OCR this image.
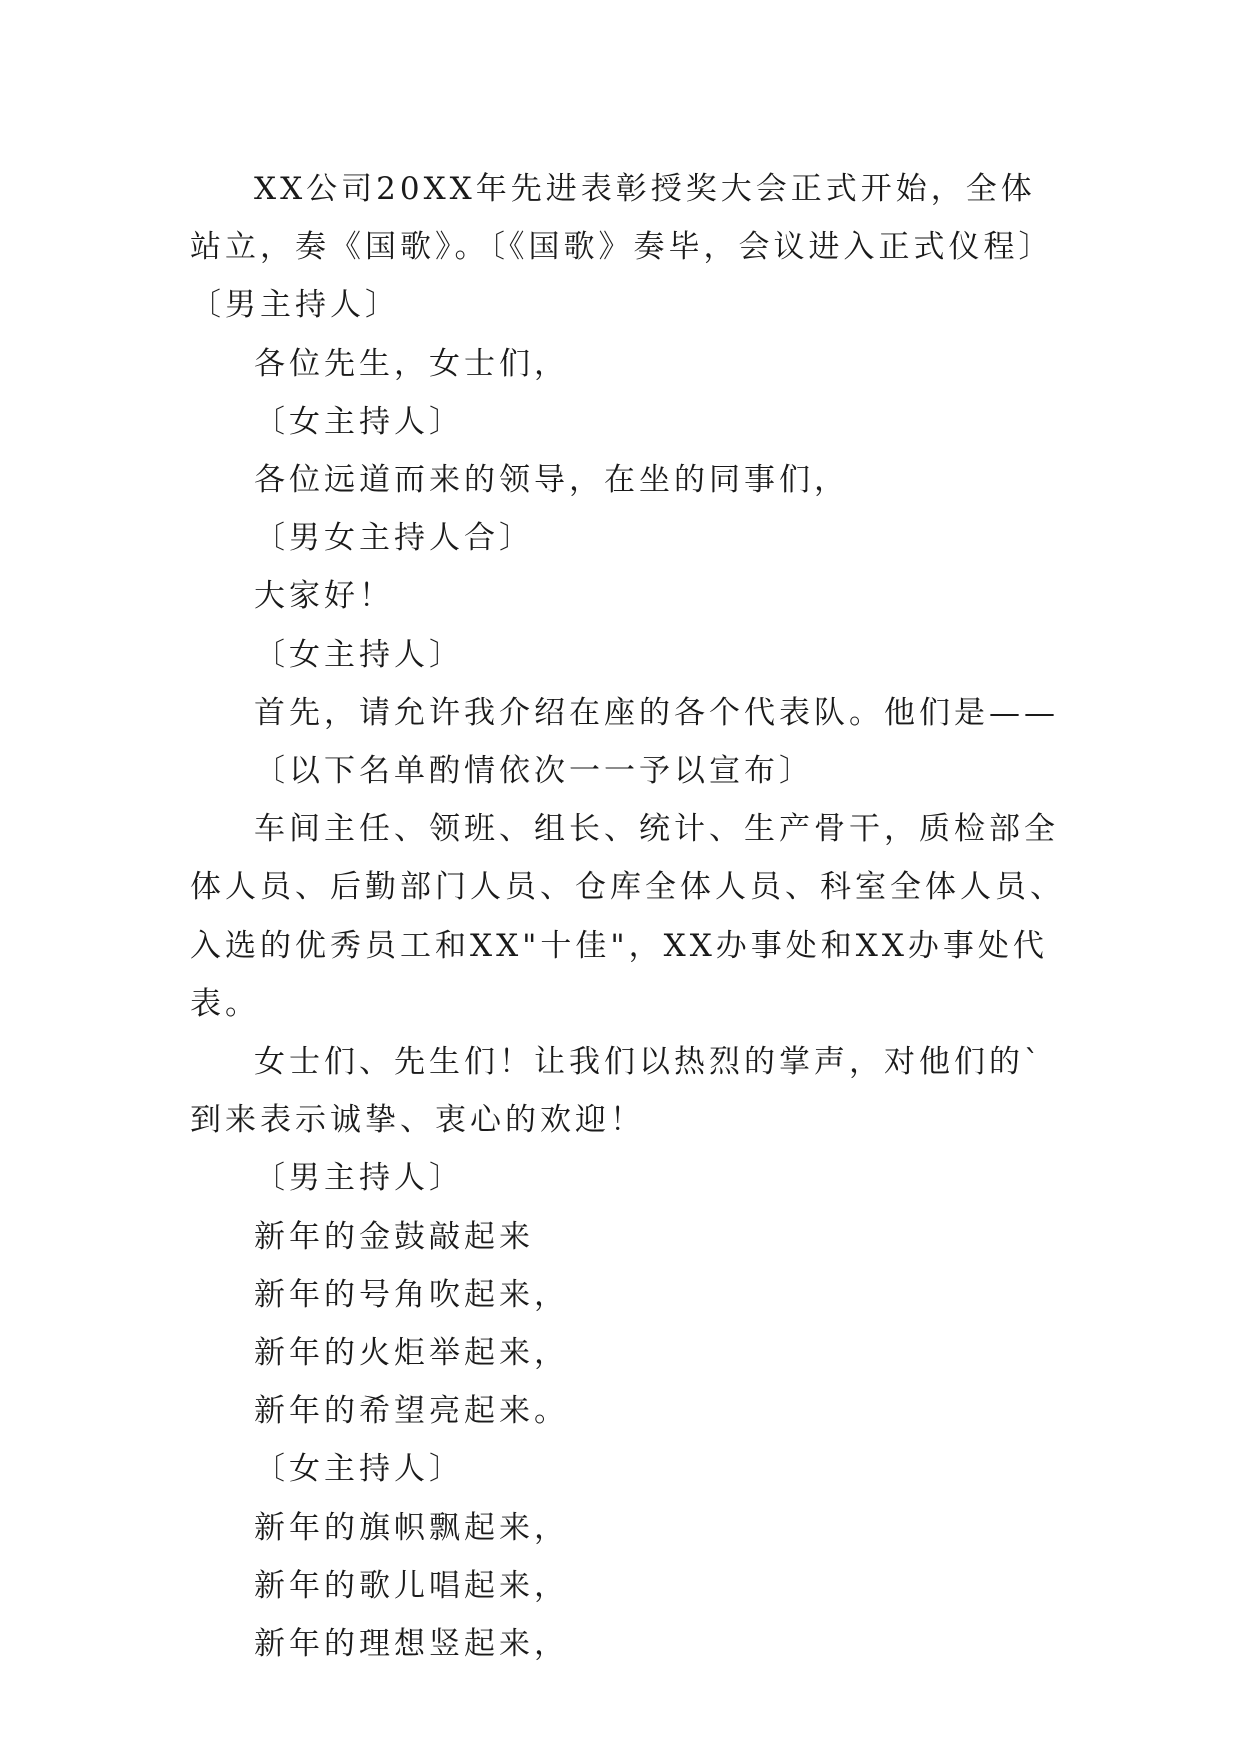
XX公司20XX年先进表彰授奖大会正式开始，全体站立，奏《国歌》。〔《国歌》奏毕，会议进入正式仪程〕〔男主持人〕

各位先生，女士们，

〔女主持人〕

各位远道而来的领导，在坐的同事们，

〔男女主持人合〕

大家好！

〔女主持人〕

首先，请允许我介绍在座的各个代表队。他们是——

〔以下名单酌情依次一一予以宣布〕

车间主任、领班、组长、统计、生产骨干，质检部全体人员、后勤部门人员、仓库全体人员、科室全体人员、入选的优秀员工和XX"十佳"，XX办事处和XX办事处代表。

女士们、先生们！让我们以热烈的掌声，对他们的`到来表示诚挚、衷心的欢迎！

〔男主持人〕

新年的金鼓敲起来

新年的号角吹起来，

新年的火炬举起来，

新年的希望亮起来。

〔女主持人〕

新年的旗帜飘起来，

新年的歌儿唱起来，

新年的理想竖起来，
